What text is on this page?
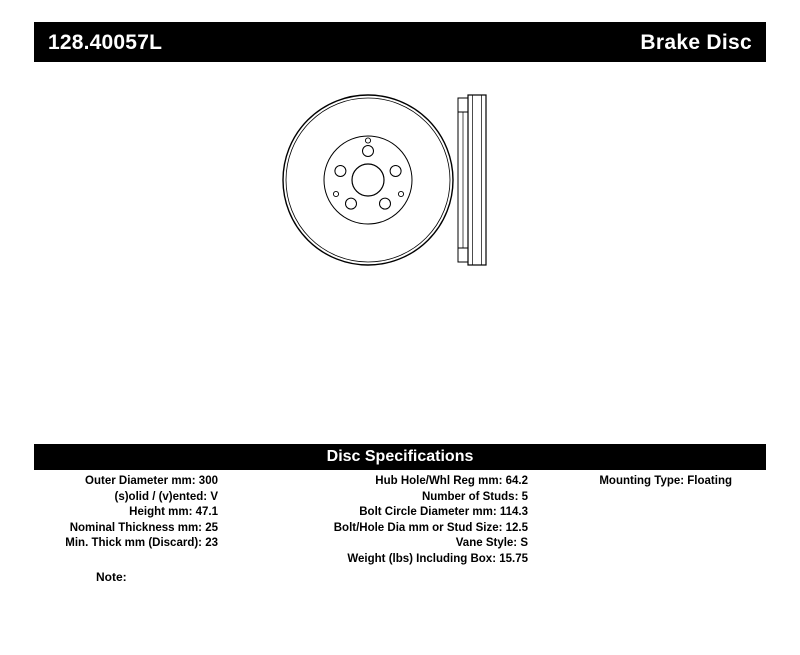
128.40057L	Brake Disc
Disc Specifications
Outer Diameter mm: 300
(s)olid / (v)ented: V
Height mm: 47.1
Nominal Thickness mm: 25
Min. Thick mm (Discard): 23
Hub Hole/Whl Reg mm: 64.2
Number of Studs: 5
Bolt Circle Diameter mm: 114.3
Bolt/Hole Dia mm or Stud Size: 12.5
Vane Style: S
Weight (lbs) Including Box: 15.75
Mounting Type: Floating
Note:
